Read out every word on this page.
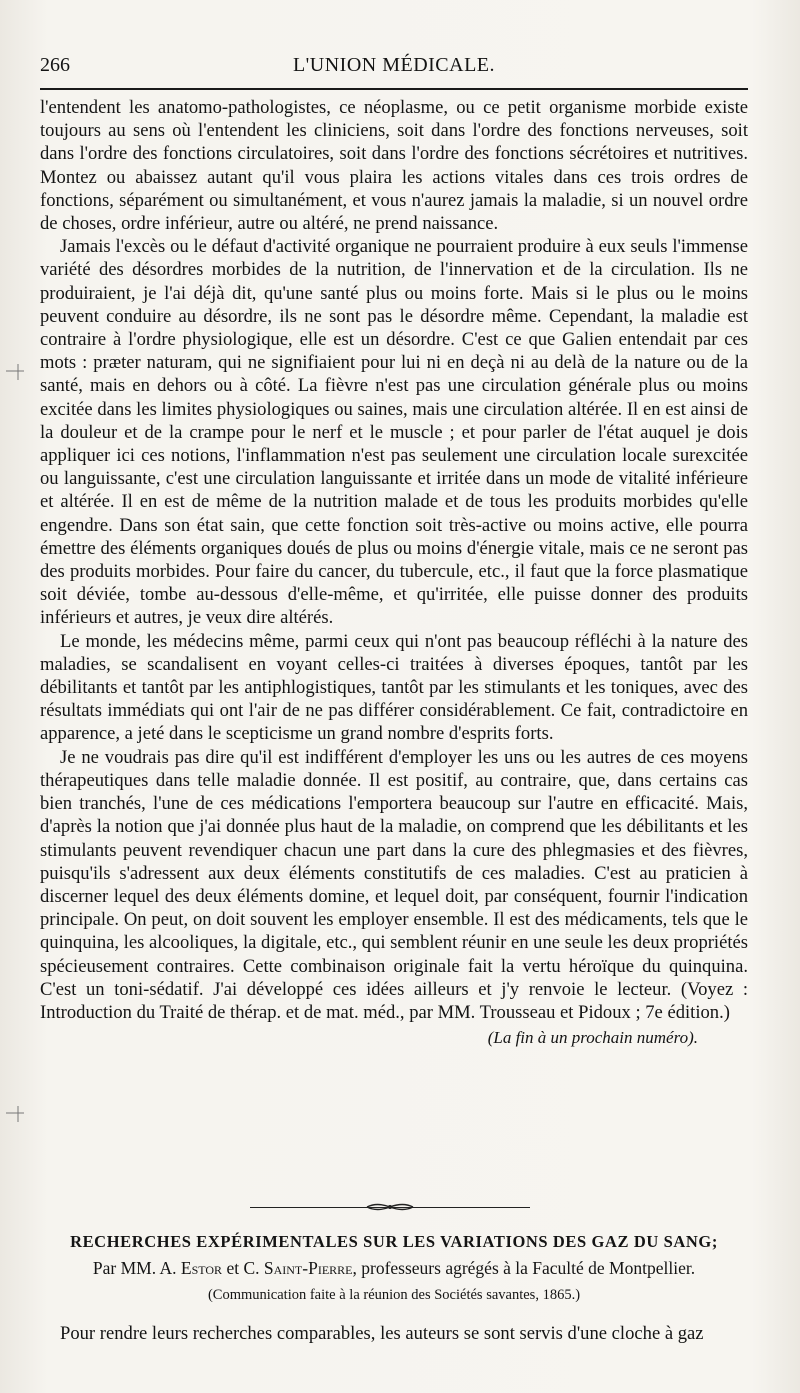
266	L'UNION MÉDICALE.

l'entendent les anatomo-pathologistes, ce néoplasme, ou ce petit organisme morbide existe toujours au sens où l'entendent les cliniciens, soit dans l'ordre des fonctions nerveuses, soit dans l'ordre des fonctions circulatoires, soit dans l'ordre des fonctions sécrétoires et nutritives. Montez ou abaissez autant qu'il vous plaira les actions vitales dans ces trois ordres de fonctions, séparément ou simultanément, et vous n'aurez jamais la maladie, si un nouvel ordre de choses, ordre inférieur, autre ou altéré, ne prend naissance.

Jamais l'excès ou le défaut d'activité organique ne pourraient produire à eux seuls l'immense variété des désordres morbides de la nutrition, de l'innervation et de la circulation. Ils ne produiraient, je l'ai déjà dit, qu'une santé plus ou moins forte. Mais si le plus ou le moins peuvent conduire au désordre, ils ne sont pas le désordre même. Cependant, la maladie est contraire à l'ordre physiologique, elle est un désordre. C'est ce que Galien entendait par ces mots : præter naturam, qui ne signifiaient pour lui ni en deçà ni au delà de la nature ou de la santé, mais en dehors ou à côté. La fièvre n'est pas une circulation générale plus ou moins excitée dans les limites physiologiques ou saines, mais une circulation altérée. Il en est ainsi de la douleur et de la crampe pour le nerf et le muscle ; et pour parler de l'état auquel je dois appliquer ici ces notions, l'inflammation n'est pas seulement une circulation locale surexcitée ou languissante, c'est une circulation languissante et irritée dans un mode de vitalité inférieure et altérée. Il en est de même de la nutrition malade et de tous les produits morbides qu'elle engendre. Dans son état sain, que cette fonction soit très-active ou moins active, elle pourra émettre des éléments organiques doués de plus ou moins d'énergie vitale, mais ce ne seront pas des produits morbides. Pour faire du cancer, du tubercule, etc., il faut que la force plasmatique soit déviée, tombe au-dessous d'elle-même, et qu'irritée, elle puisse donner des produits inférieurs et autres, je veux dire altérés.

Le monde, les médecins même, parmi ceux qui n'ont pas beaucoup réfléchi à la nature des maladies, se scandalisent en voyant celles-ci traitées à diverses époques, tantôt par les débilitants et tantôt par les antiphlogistiques, tantôt par les stimulants et les toniques, avec des résultats immédiats qui ont l'air de ne pas différer considérablement. Ce fait, contradictoire en apparence, a jeté dans le scepticisme un grand nombre d'esprits forts.

Je ne voudrais pas dire qu'il est indifférent d'employer les uns ou les autres de ces moyens thérapeutiques dans telle maladie donnée. Il est positif, au contraire, que, dans certains cas bien tranchés, l'une de ces médications l'emportera beaucoup sur l'autre en efficacité. Mais, d'après la notion que j'ai donnée plus haut de la maladie, on comprend que les débilitants et les stimulants peuvent revendiquer chacun une part dans la cure des phlegmasies et des fièvres, puisqu'ils s'adressent aux deux éléments constitutifs de ces maladies. C'est au praticien à discerner lequel des deux éléments domine, et lequel doit, par conséquent, fournir l'indication principale. On peut, on doit souvent les employer ensemble. Il est des médicaments, tels que le quinquina, les alcooliques, la digitale, etc., qui semblent réunir en une seule les deux propriétés spécieusement contraires. Cette combinaison originale fait la vertu héroïque du quinquina. C'est un toni-sédatif. J'ai développé ces idées ailleurs et j'y renvoie le lecteur. (Voyez : Introduction du Traité de thérap. et de mat. méd., par MM. Trousseau et Pidoux ; 7e édition.)

(La fin à un prochain numéro).
RECHERCHES EXPÉRIMENTALES SUR LES VARIATIONS DES GAZ DU SANG;
Par MM. A. Estor et C. Saint-Pierre, professeurs agrégés à la Faculté de Montpellier.
(Communication faite à la réunion des Sociétés savantes, 1865.)
Pour rendre leurs recherches comparables, les auteurs se sont servis d'une cloche à gaz
